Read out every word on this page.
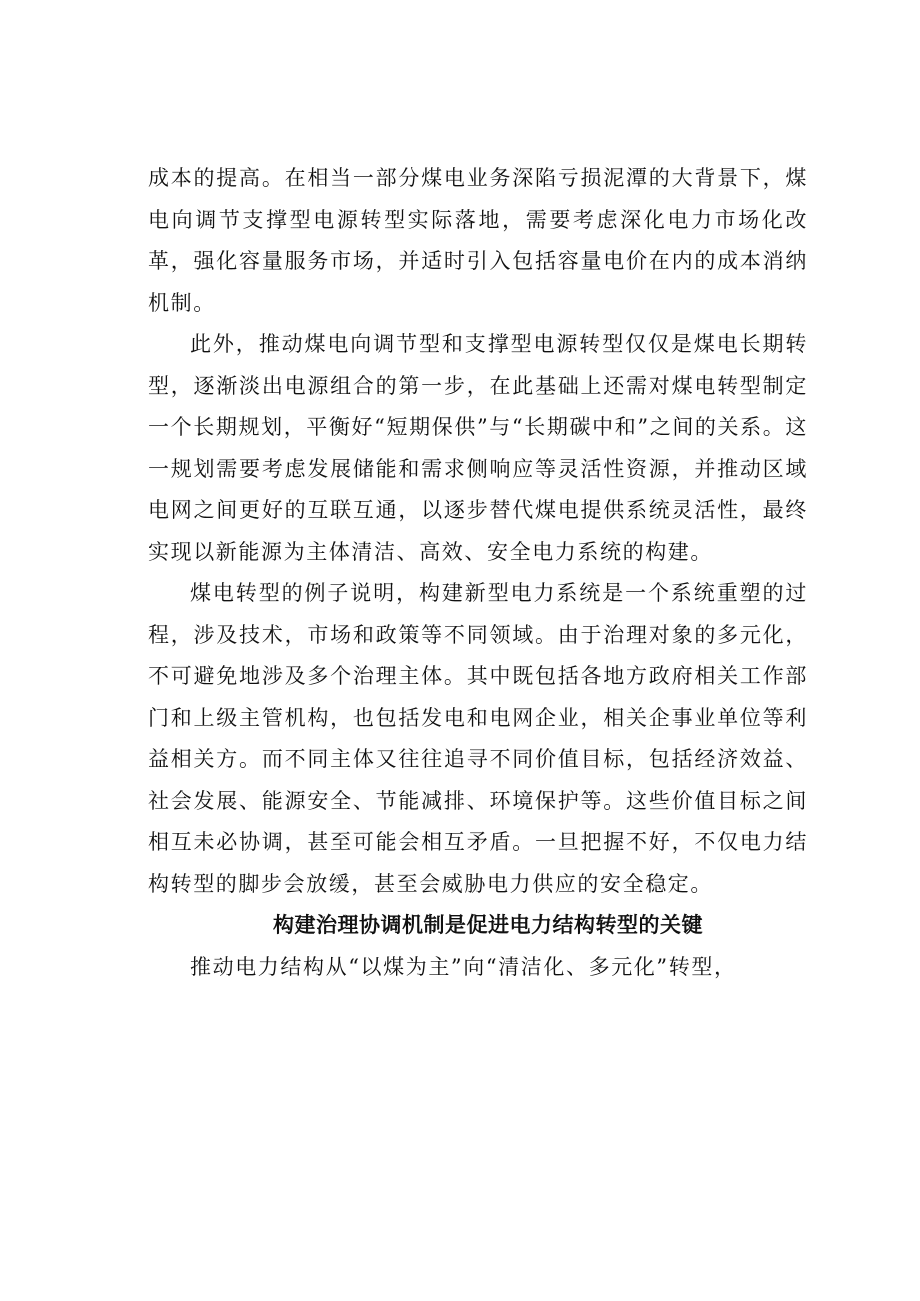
成本的提高。在相当一部分煤电业务深陷亏损泥潭的大背景下，煤电向调节支撑型电源转型实际落地，需要考虑深化电力市场化改革，强化容量服务市场，并适时引入包括容量电价在内的成本消纳机制。

此外，推动煤电向调节型和支撑型电源转型仅仅是煤电长期转型，逐渐淡出电源组合的第一步，在此基础上还需对煤电转型制定一个长期规划，平衡好“短期保供”与“长期碳中和”之间的关系。这一规划需要考虑发展储能和需求侧响应等灵活性资源，并推动区域电网之间更好的互联互通，以逐步替代煤电提供系统灵活性，最终实现以新能源为主体清洁、高效、安全电力系统的构建。

煤电转型的例子说明，构建新型电力系统是一个系统重塑的过程，涉及技术，市场和政策等不同领域。由于治理对象的多元化，不可避免地涉及多个治理主体。其中既包括各地方政府相关工作部门和上级主管机构，也包括发电和电网企业，相关企事业单位等利益相关方。而不同主体又往往追寻不同价值目标，包括经济效益、社会发展、能源安全、节能减排、环境保护等。这些价值目标之间相互未必协调，甚至可能会相互矛盾。一旦把握不好，不仅电力结构转型的脚步会放缓，甚至会威胁电力供应的安全稳定。

构建治理协调机制是促进电力结构转型的关键

推动电力结构从“以煤为主”向“清洁化、多元化”转型，
